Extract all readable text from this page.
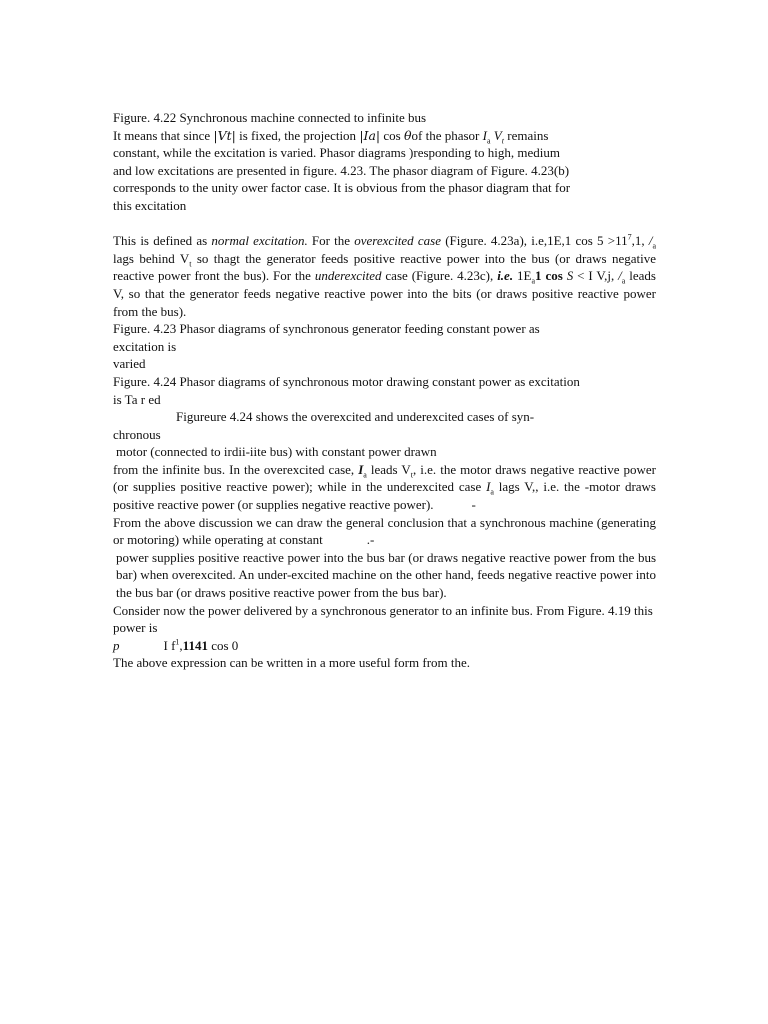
Figure. 4.22 Synchronous machine connected to infinite bus

It means that since |Vt| is fixed, the projection |Ia| cos θof the phasor $I_a$ $V_t$ remains
constant, while the excitation is varied. Phasor diagrams )responding to high, medium
and low excitations are presented in figure. 4.23. The phasor diagram of Figure. 4.23(b)
corresponds to the unity ower factor case. It is obvious from the phasor diagram that for
this excitation

This is defined as normal excitation. For the overexcited case (Figure. 4.23a), i.e,1E,1 $\cos 5 >11^7,1$, $/_a$ lags behind $V_t$ so thagt the generator feeds positive reactive power into the bus (or draws negative reactive power front the bus). For the underexcited case (Figure. 4.23c), i.e. $1E_a1$ cos S < I V,j, $/_a$ leads V, so that the generator feeds negative reactive power into the bits (or draws positive reactive power from the bus).

Figure. 4.23 Phasor diagrams of synchronous generator feeding constant power as
excitation is
varied

Figure. 4.24 Phasor diagrams of synchronous motor drawing constant power as excitation
is Ta r ed

Figureure 4.24 shows the overexcited and underexcited cases of syn-

chronous

motor (connected to irdii-iite bus) with constant power drawn

from the infinite bus. In the overexcited case, $I_a$ leads $V_t$, i.e. the motor draws negative reactive power (or supplies positive reactive power); while in the underexcited case $I_a$ lags V,, i.e. the -motor draws positive reactive power (or supplies negative reactive power).	-

From the above discussion we can draw the general conclusion that a synchronous machine (generating or motoring) while operating at constant	.-

power supplies positive reactive power into the bus bar (or draws negative reactive power from the bus bar) when overexcited. An under-excited machine on the other hand, feeds negative reactive power into the bus bar (or draws positive reactive power from the bus bar).

Consider now the power delivered by a synchronous generator to an infinite bus. From Figure. 4.19 this power is

p	I $f^1,1141$ cos 0

The above expression can be written in a more useful form from the.
